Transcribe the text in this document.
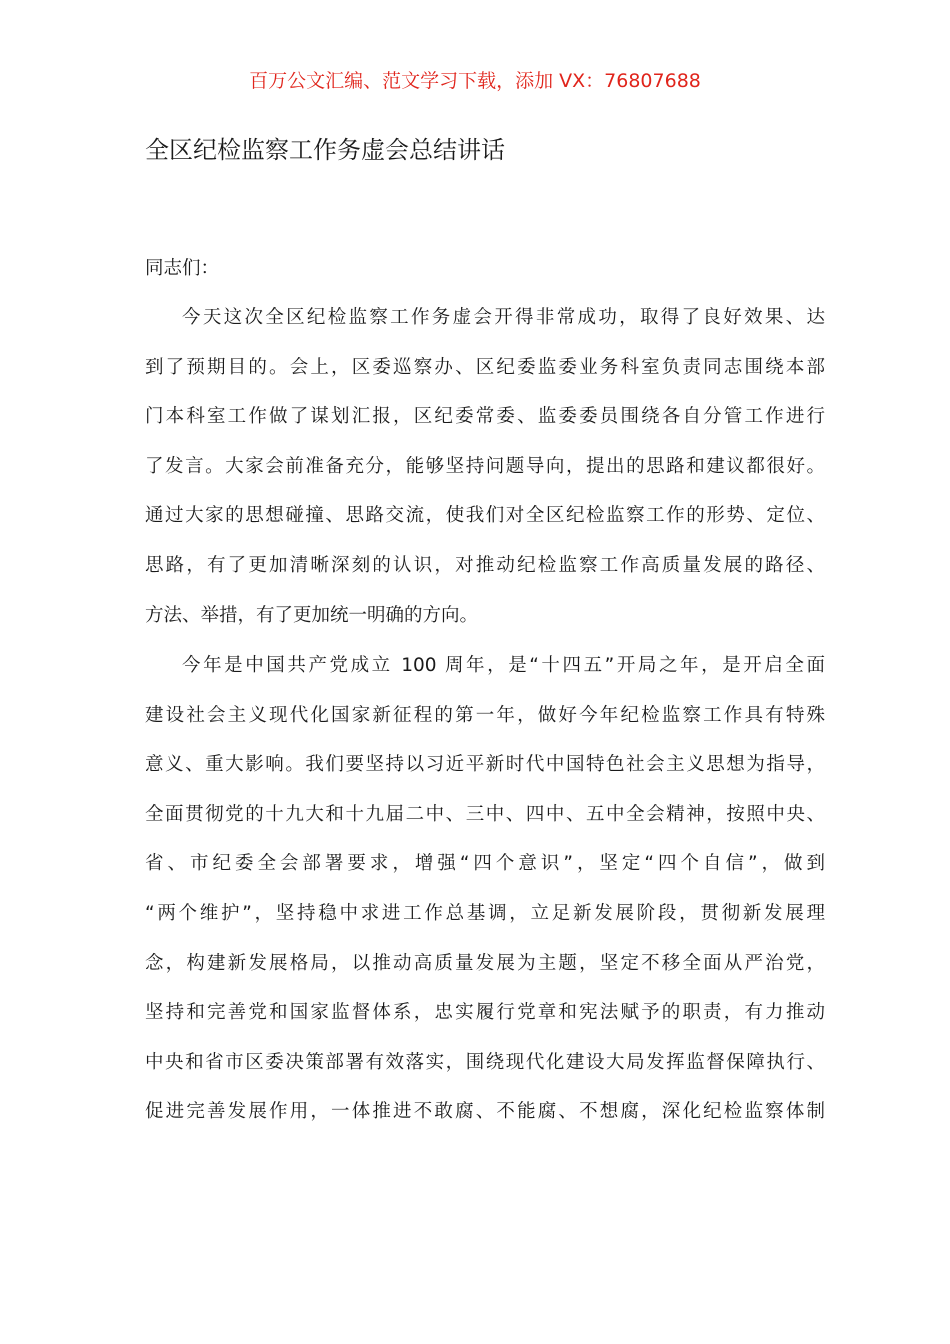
百万公文汇编、范文学习下载，添加 VX：76807688
全区纪检监察工作务虚会总结讲话
同志们：
今天这次全区纪检监察工作务虚会开得非常成功，取得了良好效果、达
到了预期目的。会上，区委巡察办、区纪委监委业务科室负责同志围绕本部
门本科室工作做了谋划汇报，区纪委常委、监委委员围绕各自分管工作进行
了发言。大家会前准备充分，能够坚持问题导向，提出的思路和建议都很好。
通过大家的思想碰撞、思路交流，使我们对全区纪检监察工作的形势、定位、
思路，有了更加清晰深刻的认识，对推动纪检监察工作高质量发展的路径、
方法、举措，有了更加统一明确的方向。
今年是中国共产党成立 100 周年，是“十四五”开局之年，是开启全面
建设社会主义现代化国家新征程的第一年，做好今年纪检监察工作具有特殊
意义、重大影响。我们要坚持以习近平新时代中国特色社会主义思想为指导，
全面贯彻党的十九大和十九届二中、三中、四中、五中全会精神，按照中央、
省、市纪委全会部署要求，增强“四个意识”，坚定“四个自信”，做到
“两个维护”，坚持稳中求进工作总基调，立足新发展阶段，贯彻新发展理
念，构建新发展格局，以推动高质量发展为主题，坚定不移全面从严治党，
坚持和完善党和国家监督体系，忠实履行党章和宪法赋予的职责，有力推动
中央和省市区委决策部署有效落实，围绕现代化建设大局发挥监督保障执行、
促进完善发展作用，一体推进不敢腐、不能腐、不想腐，深化纪检监察体制
